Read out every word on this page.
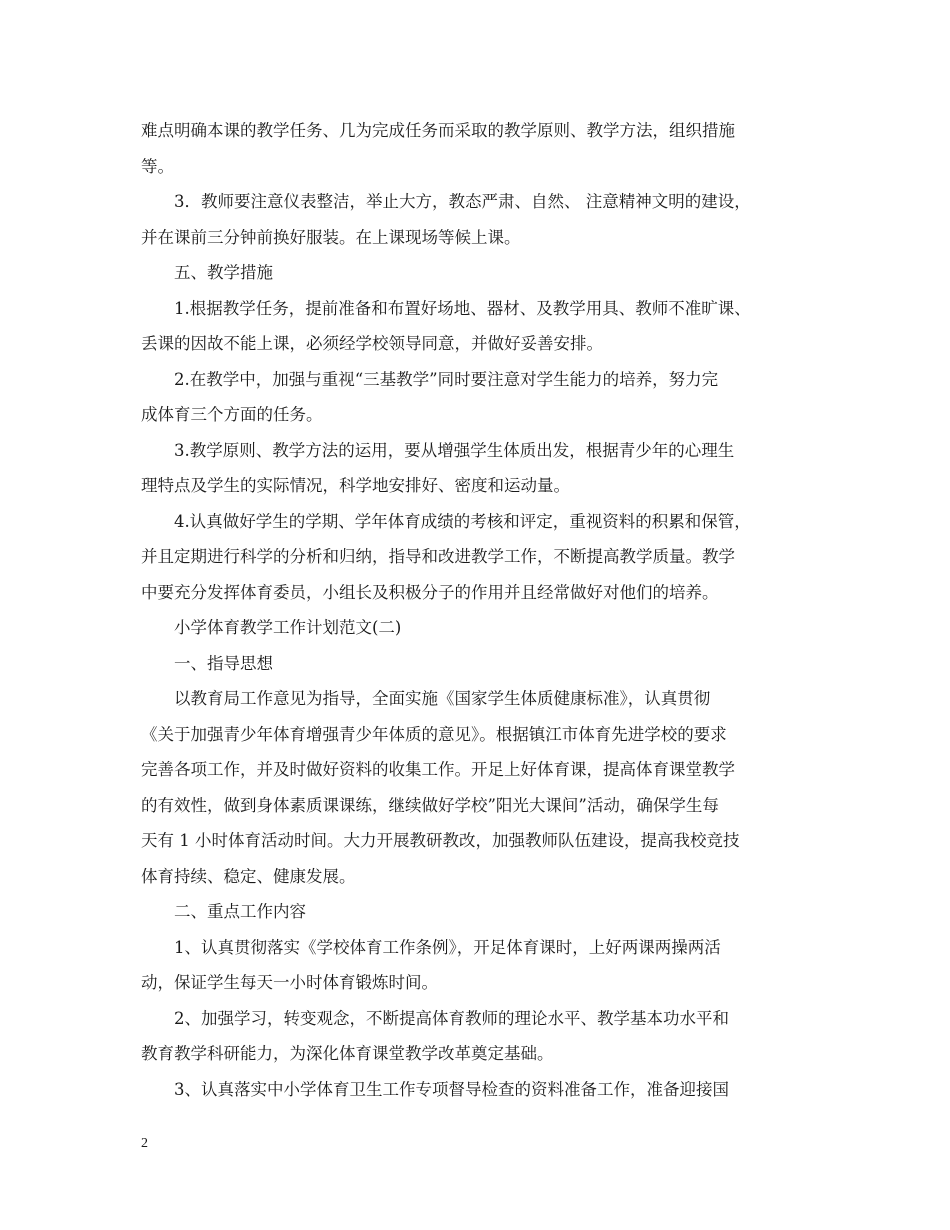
难点明确本课的教学任务、几为完成任务而采取的教学原则、教学方法，组织措施
等。
3．教师要注意仪表整洁，举止大方，教态严肃、自然、 注意精神文明的建设，
并在课前三分钟前换好服装。在上课现场等候上课。
五、教学措施
1.根据教学任务，提前准备和布置好场地、器材、及教学用具、教师不准旷课、
丢课的因故不能上课，必须经学校领导同意，并做好妥善安排。
2.在教学中，加强与重视“三基教学”同时要注意对学生能力的培养，努力完
成体育三个方面的任务。
3.教学原则、教学方法的运用，要从增强学生体质出发，根据青少年的心理生
理特点及学生的实际情况，科学地安排好、密度和运动量。
4.认真做好学生的学期、学年体育成绩的考核和评定，重视资料的积累和保管，
并且定期进行科学的分析和归纳，指导和改进教学工作，不断提高教学质量。教学
中要充分发挥体育委员，小组长及积极分子的作用并且经常做好对他们的培养。
小学体育教学工作计划范文(二)
一、指导思想
以教育局工作意见为指导，全面实施《国家学生体质健康标准》，认真贯彻
《关于加强青少年体育增强青少年体质的意见》。根据镇江市体育先进学校的要求
完善各项工作，并及时做好资料的收集工作。开足上好体育课，提高体育课堂教学
的有效性，做到身体素质课课练，继续做好学校”阳光大课间”活动，确保学生每
天有 1 小时体育活动时间。大力开展教研教改，加强教师队伍建设，提高我校竞技
体育持续、稳定、健康发展。
二、重点工作内容
1、认真贯彻落实《学校体育工作条例》，开足体育课时，上好两课两操两活
动，保证学生每天一小时体育锻炼时间。
2、加强学习，转变观念，不断提高体育教师的理论水平、教学基本功水平和
教育教学科研能力，为深化体育课堂教学改革奠定基础。
3、认真落实中小学体育卫生工作专项督导检查的资料准备工作，准备迎接国
2
